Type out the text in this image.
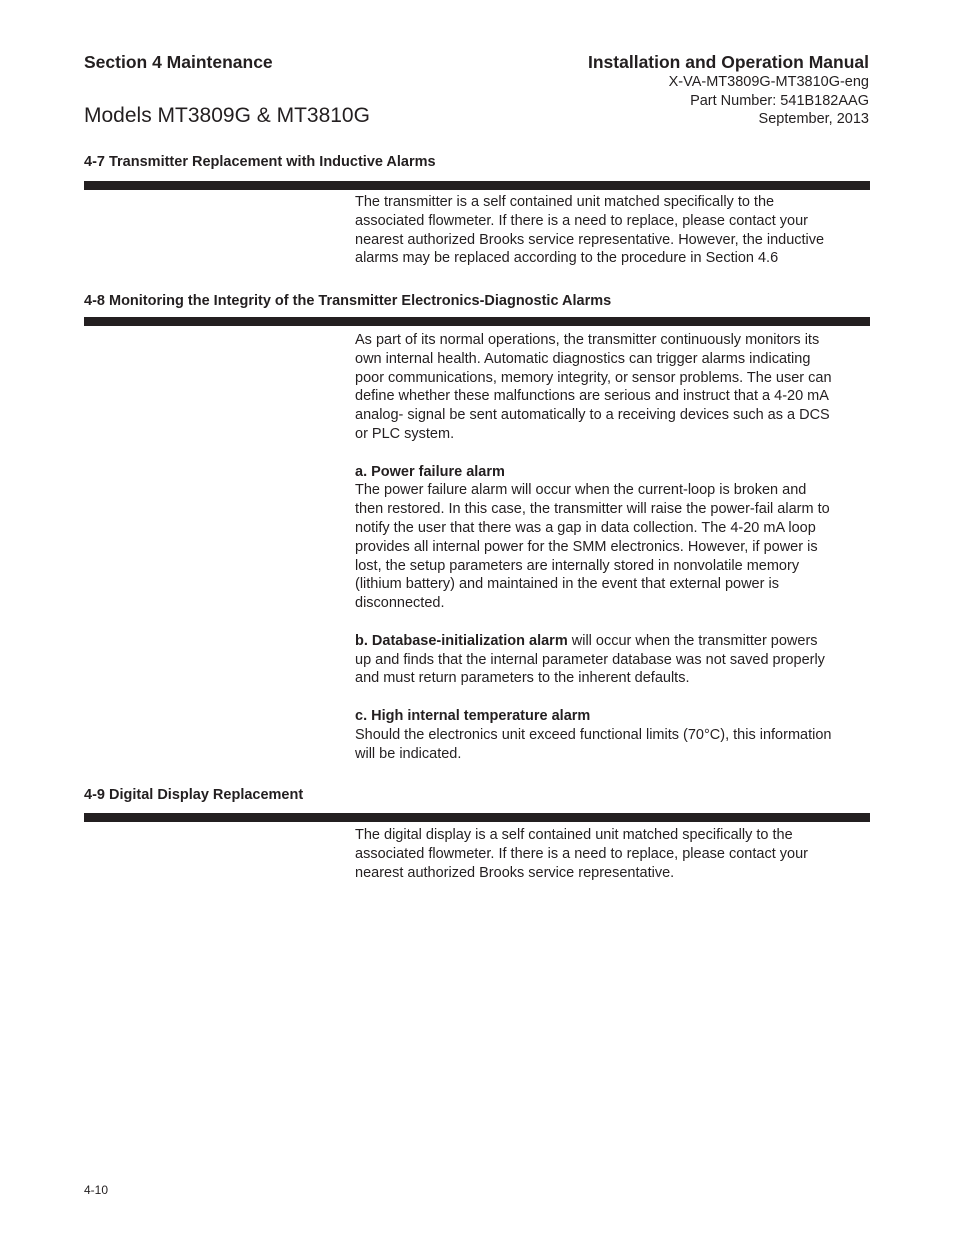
Section 4 Maintenance
Models MT3809G & MT3810G
Installation and Operation Manual
X-VA-MT3809G-MT3810G-eng
Part Number: 541B182AAG
September, 2013
4-7 Transmitter Replacement with Inductive Alarms

The transmitter is a self contained unit matched specifically to the

associated flowmeter. If there is a need to replace, please contact your

nearest authorized Brooks service representative. However, the inductive

alarms may be replaced according to the procedure in Section 4.6

4-8 Monitoring the Integrity of the Transmitter Electronics-Diagnostic Alarms

As part of its normal operations, the transmitter continuously monitors its

own internal health. Automatic diagnostics can trigger alarms indicating

poor communications, memory integrity, or sensor problems. The user can

define whether these malfunctions are serious and instruct that a 4-20 mA

analog- signal be sent automatically to a receiving devices such as a DCS

or PLC system.

a. Power failure alarm

The power failure alarm will occur when the current-loop is broken and

then restored. In this case, the transmitter will raise the power-fail alarm to

notify the user that there was a gap in data collection. The 4-20 mA loop

provides all internal power for the SMM electronics. However, if power is

lost, the setup parameters are internally stored in nonvolatile memory

(lithium battery) and maintained in the event that external power is

disconnected.

b. Database-initialization alarm will occur when the transmitter powers

up and finds that the internal parameter database was not saved properly

and must return parameters to the inherent defaults.

c. High internal temperature alarm

Should the electronics unit exceed functional limits (70°C), this information

will be indicated.

4-9 Digital Display Replacement

The digital display is a self contained unit matched specifically to the

associated flowmeter. If there is a need to replace, please contact your

nearest authorized Brooks service representative.

4-10
